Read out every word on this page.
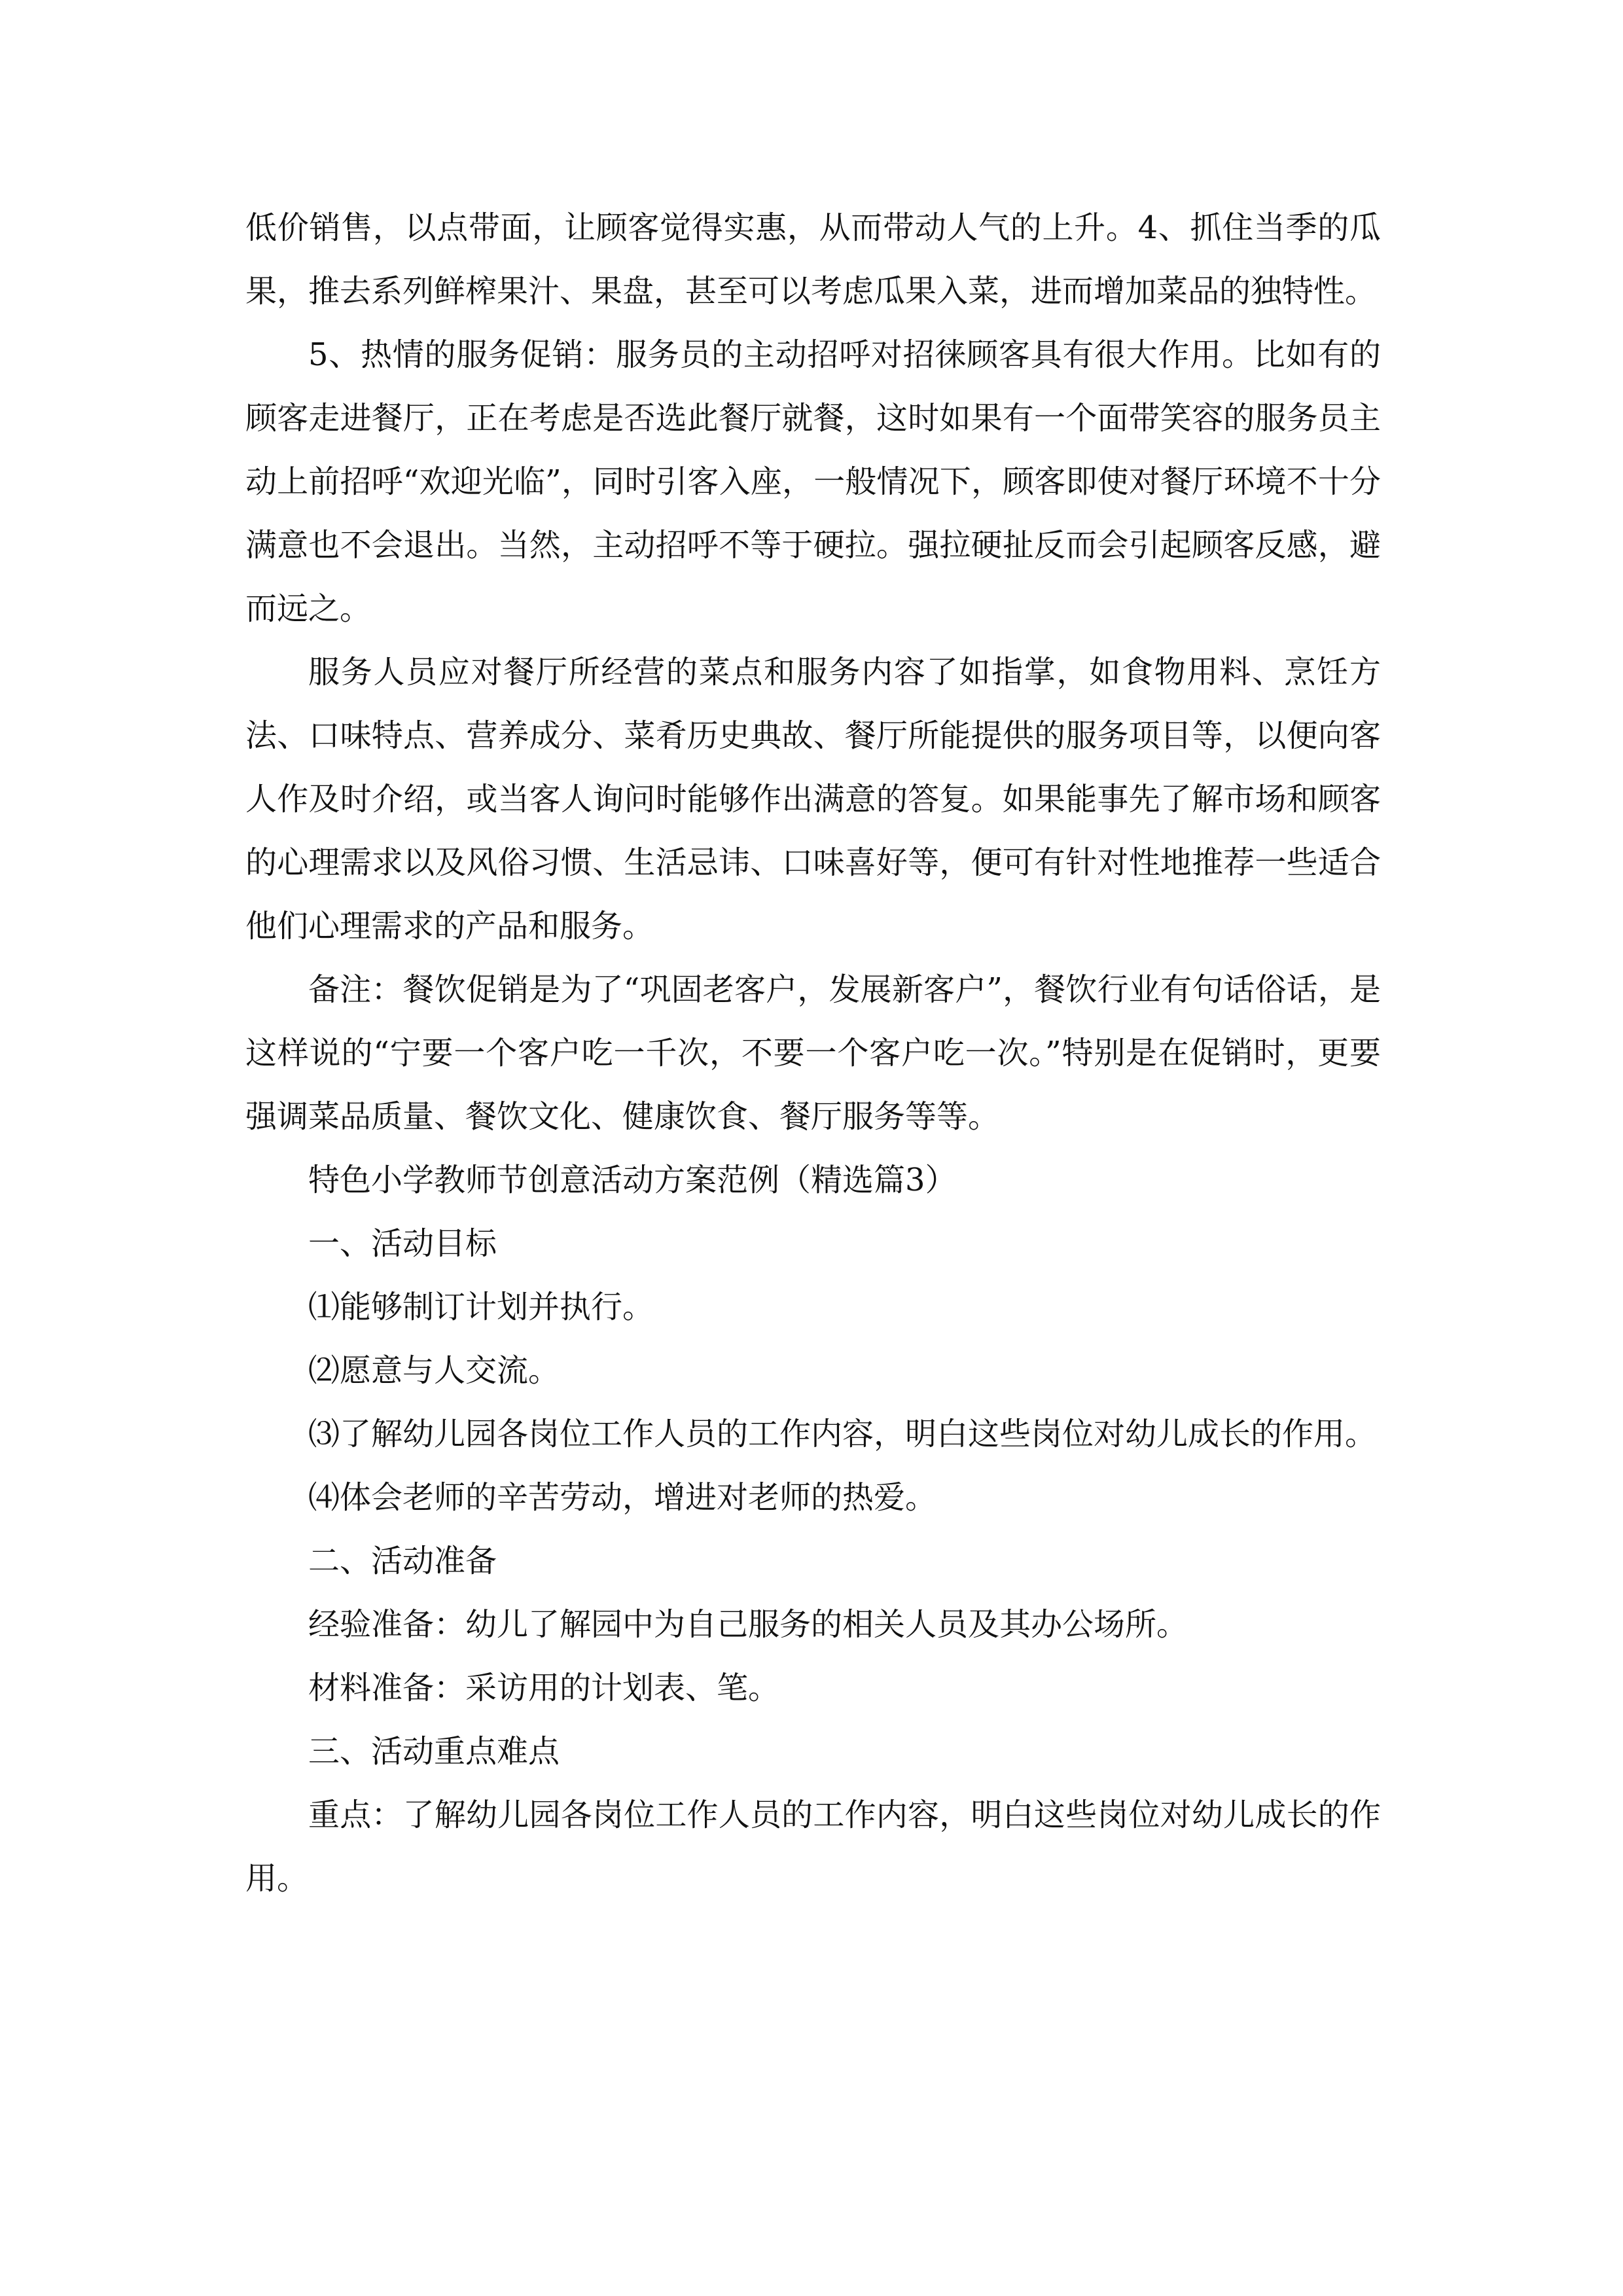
低价销售，以点带面，让顾客觉得实惠，从而带动人气的上升。4、抓住当季的瓜果，推去系列鲜榨果汁、果盘，甚至可以考虑瓜果入菜，进而增加菜品的独特性。

5、热情的服务促销：服务员的主动招呼对招徕顾客具有很大作用。比如有的顾客走进餐厅，正在考虑是否选此餐厅就餐，这时如果有一个面带笑容的服务员主动上前招呼“欢迎光临”，同时引客入座，一般情况下，顾客即使对餐厅环境不十分满意也不会退出。当然，主动招呼不等于硬拉。强拉硬扯反而会引起顾客反感，避而远之。

服务人员应对餐厅所经营的菜点和服务内容了如指掌，如食物用料、烹饪方法、口味特点、营养成分、菜肴历史典故、餐厅所能提供的服务项目等，以便向客人作及时介绍，或当客人询问时能够作出满意的答复。如果能事先了解市场和顾客的心理需求以及风俗习惯、生活忌讳、口味喜好等，便可有针对性地推荐一些适合他们心理需求的产品和服务。

备注：餐饮促销是为了“巩固老客户，发展新客户”，餐饮行业有句话俗话，是这样说的“宁要一个客户吃一千次，不要一个客户吃一次。”特别是在促销时，更要强调菜品质量、餐饮文化、健康饮食、餐厅服务等等。

特色小学教师节创意活动方案范例（精选篇3）

一、活动目标

⑴能够制订计划并执行。

⑵愿意与人交流。

⑶了解幼儿园各岗位工作人员的工作内容，明白这些岗位对幼儿成长的作用。

⑷体会老师的辛苦劳动，增进对老师的热爱。

二、活动准备

经验准备：幼儿了解园中为自己服务的相关人员及其办公场所。

材料准备：采访用的计划表、笔。

三、活动重点难点

重点：了解幼儿园各岗位工作人员的工作内容，明白这些岗位对幼儿成长的作用。
